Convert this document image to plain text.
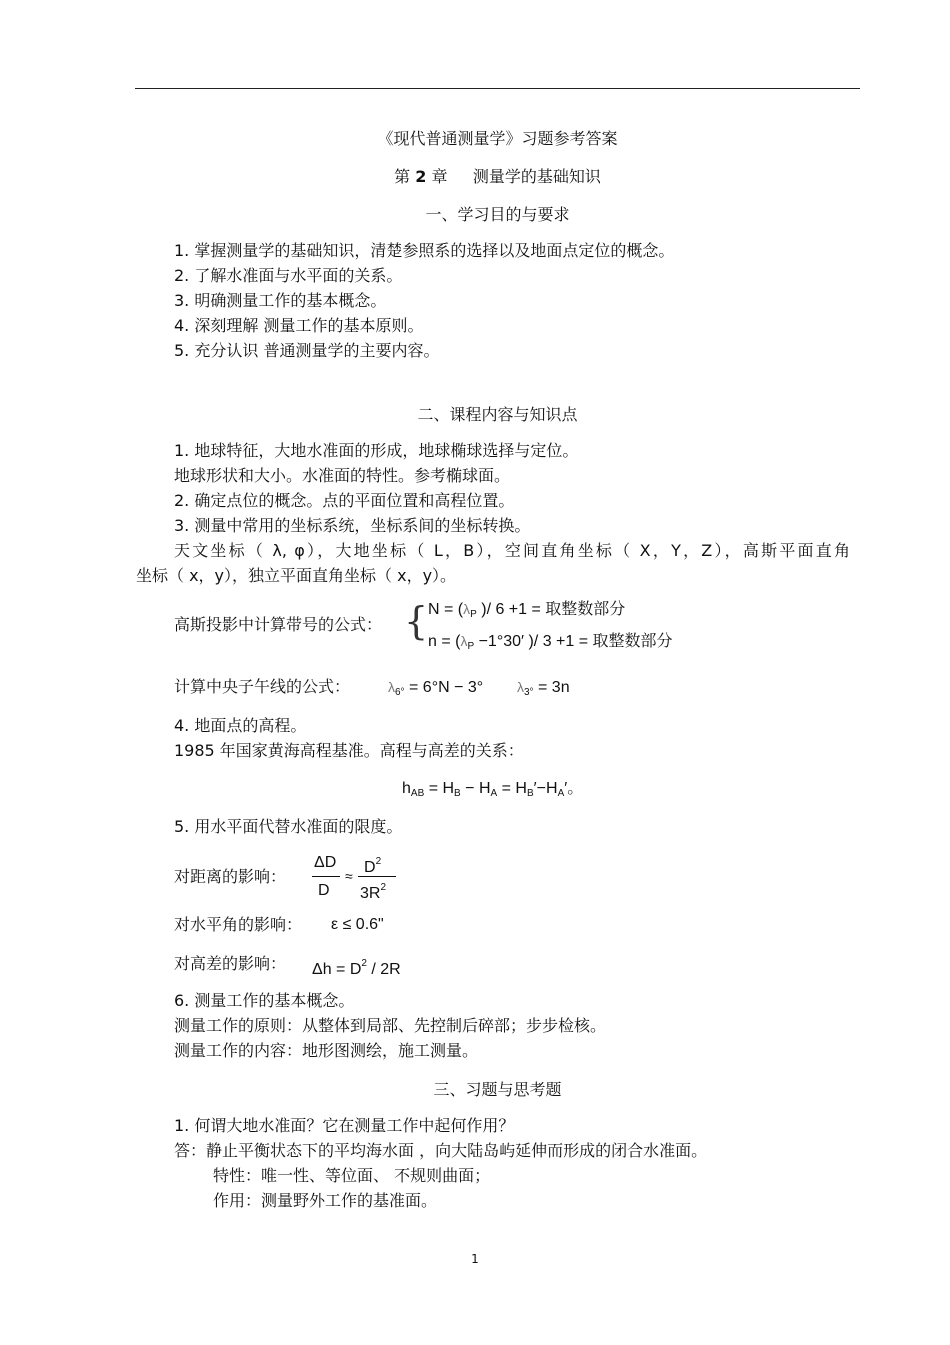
《现代普通测量学》习题参考答案
第 2 章 测量学的基础知识
一、学习目的与要求
1. 掌握测量学的基础知识，清楚参照系的选择以及地面点定位的概念。
2. 了解水准面与水平面的关系。
3. 明确测量工作的基本概念。
4. 深刻理解 测量工作的基本原则。
5. 充分认识 普通测量学的主要内容。
二、课程内容与知识点
1. 地球特征，大地水准面的形成，地球椭球选择与定位。
地球形状和大小。水准面的特性。参考椭球面。
2. 确定点位的概念。点的平面位置和高程位置。
3. 测量中常用的坐标系统，坐标系间的坐标转换。
天文坐标（ λ, φ），大地坐标（ L，B），空间直角坐标（ X，Y，Z），高斯平面直角
坐标（ x，y），独立平面直角坐标（ x，y）。
高斯投影中计算带号的公式： { $N = (\lambda_P$ )/ 6 +1 = 取整数部分
$n = (\lambda_P -1^\circ 30'$ )/ 3 +1 = 取整数部分
计算中央子午线的公式：	$\lambda_{6^\circ} = 6^\circ N - 3^\circ$ $\lambda_{3^\circ} = 3n$
4. 地面点的高程。
1985 年国家黄海高程基准。高程与高差的关系：
$h_{AB} = H_B - H_A = H_B'-H_A'$。
5. 用水平面代替水准面的限度。
对距离的影响：
ΔD
D
≈ $D^2$
$3R^2$
对水平角的影响： ε ≤ 0.6"
对高差的影响： $\Delta h = D^2 / 2R$
6. 测量工作的基本概念。
测量工作的原则：从整体到局部、先控制后碎部；步步检核。
测量工作的内容：地形图测绘，施工测量。
三、习题与思考题
1. 何谓大地水准面？它在测量工作中起何作用？
答：静止平衡状态下的平均海水面 ，向大陆岛屿延伸而形成的闭合水准面。
特性：唯一性、等位面、 不规则曲面；
作用：测量野外工作的基准面。
1
